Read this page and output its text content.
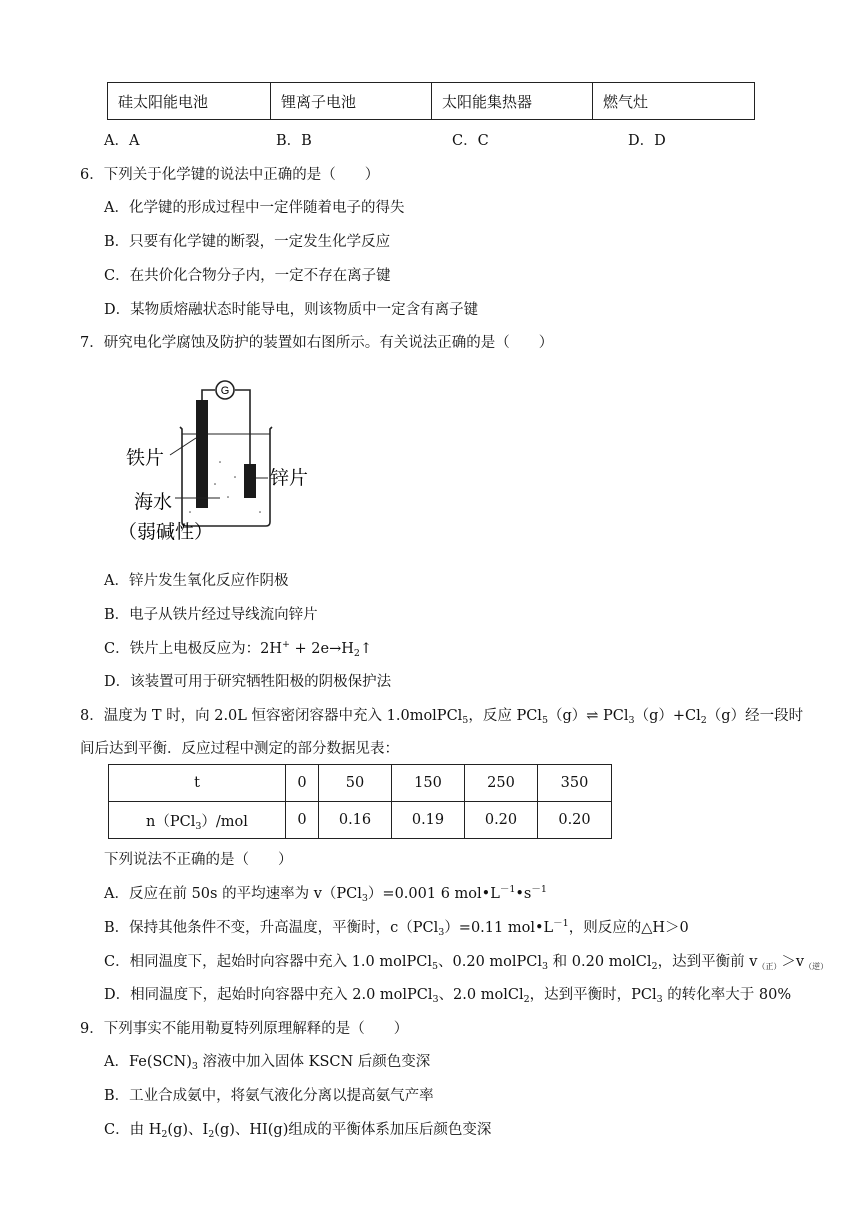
硅太阳能电池	锂离子电池	太阳能集热器	燃气灶
A．A	B．B	C．C	D．D
6．下列关于化学键的说法中正确的是（　　）
A．化学键的形成过程中一定伴随着电子的得失
B．只要有化学键的断裂，一定发生化学反应
C．在共价化合物分子内，一定不存在离子键
D．某物质熔融状态时能导电，则该物质中一定含有离子键
7．研究电化学腐蚀及防护的装置如右图所示。有关说法正确的是（　　）
G
铁片
锌片
海水
（弱碱性）
A．锌片发生氧化反应作阴极
B．电子从铁片经过导线流向锌片
C．铁片上电极反应为：$2H^+ + 2e\to H_2↑$
D．该装置可用于研究牺牲阳极的阴极保护法
8．温度为 T 时，向 2.0L 恒容密闭容器中充入 1.0molPCl$_5$，反应 PCl$_5$（g）⇌ $PCl_3(g)+Cl_2(g)$经一段时
间后达到平衡．反应过程中测定的部分数据见表：
t	0	50	150	250	350
n（PCl$_3$）/mol	0	0.16	0.19	0.20	0.20
下列说法不正确的是（　　）
A．反应在前 50s 的平均速率为 v（PCl$_3$）=0.001 6 $mol•L^{-1}•s^{-1}$
B．保持其他条件不变，升高温度，平衡时，c（PCl$_3$）=0.11 $mol•L^{-1}$，则反应的△H＞0
C．相同温度下，起始时向容器中充入 1.0 molPCl$_5$、0.20 molPCl$_3$ 和 0.20 molCl$_2$，达到平衡前 $v_{(正)}>v_{(逆)}$
D．相同温度下，起始时向容器中充入 2.0 molPCl$_3$、2.0 molCl$_2$，达到平衡时，PCl$_3$ 的转化率大于 80%
9．下列事实不能用勒夏特列原理解释的是（　　）
A．$Fe(SCN)_3$ 溶液中加入固体 KSCN 后颜色变深
B．工业合成氨中，将氨气液化分离以提高氨气产率
C．由 $H_2(g)$、$I_2(g)$、HI(g)组成的平衡体系加压后颜色变深
